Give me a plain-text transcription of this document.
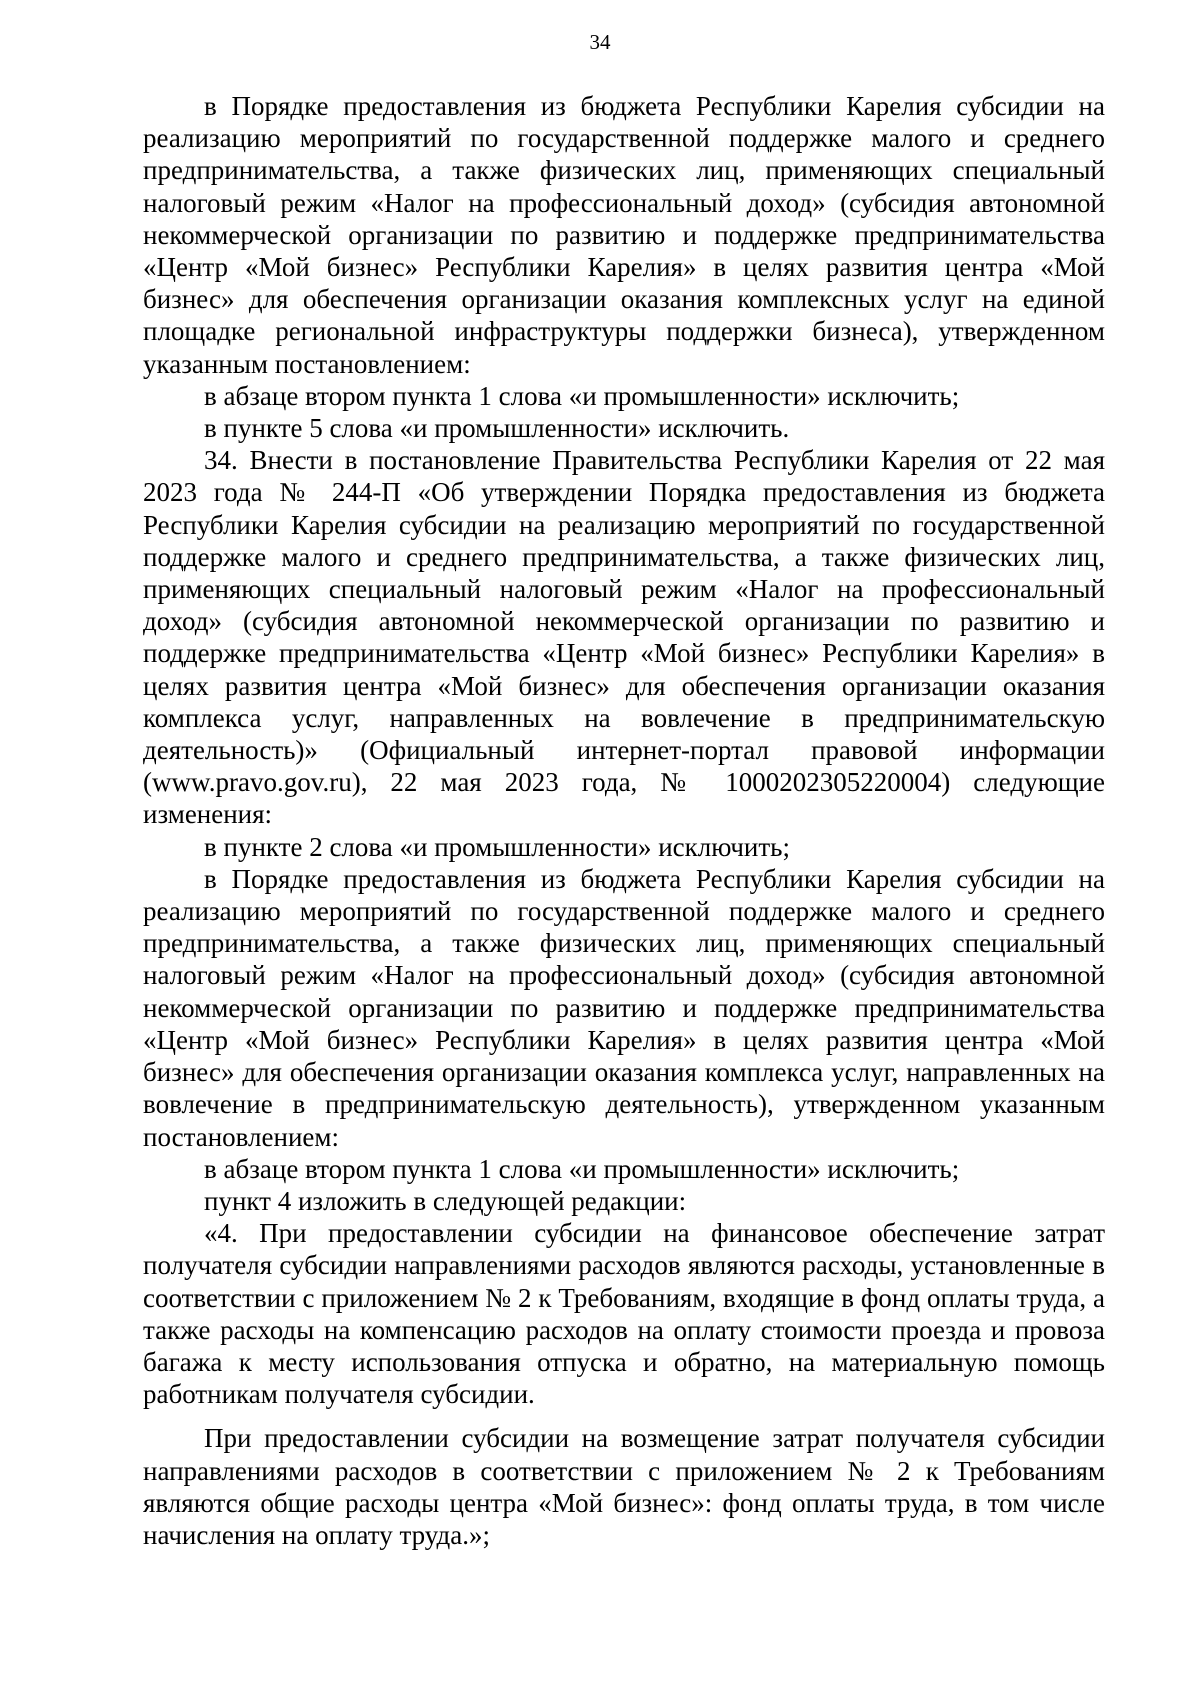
34

в Порядке предоставления из бюджета Республики Карелия субсидии на реализацию мероприятий по государственной поддержке малого и среднего предпринимательства, а также физических лиц, применяющих специальный налоговый режим «Налог на профессиональный доход» (субсидия автономной некоммерческой организации по развитию и поддержке предпринимательства «Центр «Мой бизнес» Республики Карелия» в целях развития центра «Мой бизнес» для обеспечения организации оказания комплексных услуг на единой площадке региональной инфраструктуры поддержки бизнеса), утвержденном указанным постановлением:

в абзаце втором пункта 1 слова «и промышленности» исключить;

в пункте 5 слова «и промышленности» исключить.

34. Внести в постановление Правительства Республики Карелия от 22 мая 2023 года № 244-П «Об утверждении Порядка предоставления из бюджета Республики Карелия субсидии на реализацию мероприятий по государственной поддержке малого и среднего предпринимательства, а также физических лиц, применяющих специальный налоговый режим «Налог на профессиональный доход» (субсидия автономной некоммерческой организации по развитию и поддержке предпринимательства «Центр «Мой бизнес» Республики Карелия» в целях развития центра «Мой бизнес» для обеспечения организации оказания комплекса услуг, направленных на вовлечение в предпринимательскую деятельность)» (Официальный интернет-портал правовой информации (www.pravo.gov.ru), 22 мая 2023 года, № 1000202305220004) следующие изменения:

в пункте 2 слова «и промышленности» исключить;

в Порядке предоставления из бюджета Республики Карелия субсидии на реализацию мероприятий по государственной поддержке малого и среднего предпринимательства, а также физических лиц, применяющих специальный налоговый режим «Налог на профессиональный доход» (субсидия автономной некоммерческой организации по развитию и поддержке предпринимательства «Центр «Мой бизнес» Республики Карелия» в целях развития центра «Мой бизнес» для обеспечения организации оказания комплекса услуг, направленных на вовлечение в предпринимательскую деятельность), утвержденном указанным постановлением:

в абзаце втором пункта 1 слова «и промышленности» исключить;

пункт 4 изложить в следующей редакции:

«4. При предоставлении субсидии на финансовое обеспечение затрат получателя субсидии направлениями расходов являются расходы, установленные в соответствии с приложением № 2 к Требованиям, входящие в фонд оплаты труда, а также расходы на компенсацию расходов на оплату стоимости проезда и провоза багажа к месту использования отпуска и обратно, на материальную помощь работникам получателя субсидии.

При предоставлении субсидии на возмещение затрат получателя субсидии направлениями расходов в соответствии с приложением № 2 к Требованиям являются общие расходы центра «Мой бизнес»: фонд оплаты труда, в том числе начисления на оплату труда.»;
